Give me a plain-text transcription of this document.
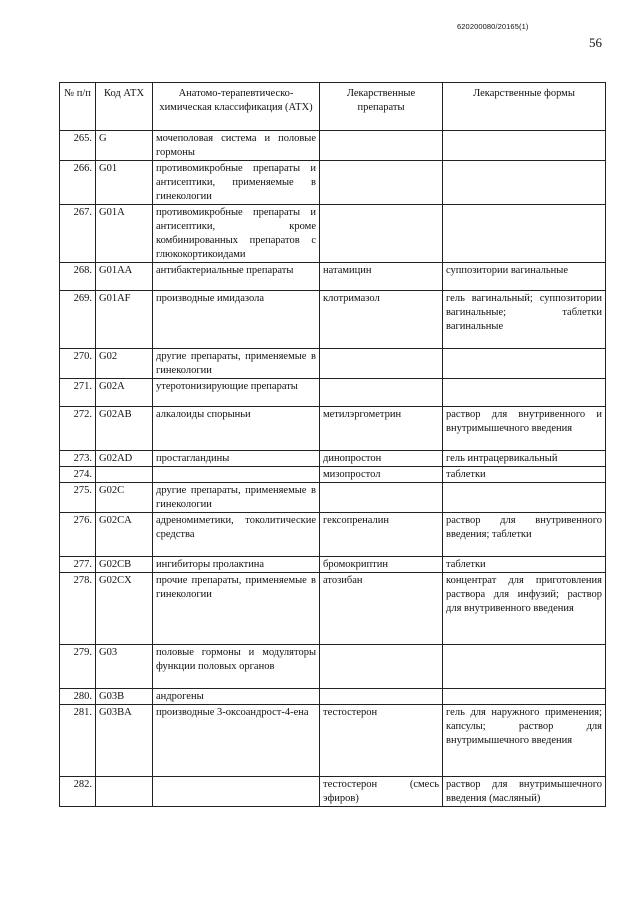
620200080/20165(1)
56
№ п/п	Код АТХ	Анатомо-терапевтическо-химическая классификация (АТХ)	Лекарственные препараты	Лекарственные формы
265.	G	мочеполовая система и половые гормоны		
266.	G01	противомикробные препараты и антисептики, применяемые в гинекологии		
267.	G01A	противомикробные препараты и антисептики, кроме комбинированных препаратов с глюкокортикоидами		
268.	G01AA	антибактериальные препараты	натамицин	суппозитории вагинальные
269.	G01AF	производные имидазола	клотримазол	гель вагинальный; суппозитории вагинальные; таблетки вагинальные
270.	G02	другие препараты, применяемые в гинекологии		
271.	G02A	утеротонизирующие препараты		
272.	G02AB	алкалоиды спорыньи	метилэргометрин	раствор для внутривенного и внутримышечного введения
273.	G02AD	простагландины	динопростон	гель интрацервикальный
274.			мизопростол	таблетки
275.	G02C	другие препараты, применяемые в гинекологии		
276.	G02CA	адреномиметики, токолитические средства	гексопреналин	раствор для внутривенного введения; таблетки
277.	G02CB	ингибиторы пролактина	бромокриптин	таблетки
278.	G02CX	прочие препараты, применяемые в гинекологии	атозибан	концентрат для приготовления раствора для инфузий; раствор для внутривенного введения
279.	G03	половые гормоны и модуляторы функции половых органов		
280.	G03B	андрогены		
281.	G03BA	производные 3-оксоандрост-4-ена	тестостерон	гель для наружного применения; капсулы; раствор для внутримышечного введения
282.			тестостерон (смесь эфиров)	раствор для внутримышечного введения (масляный)
